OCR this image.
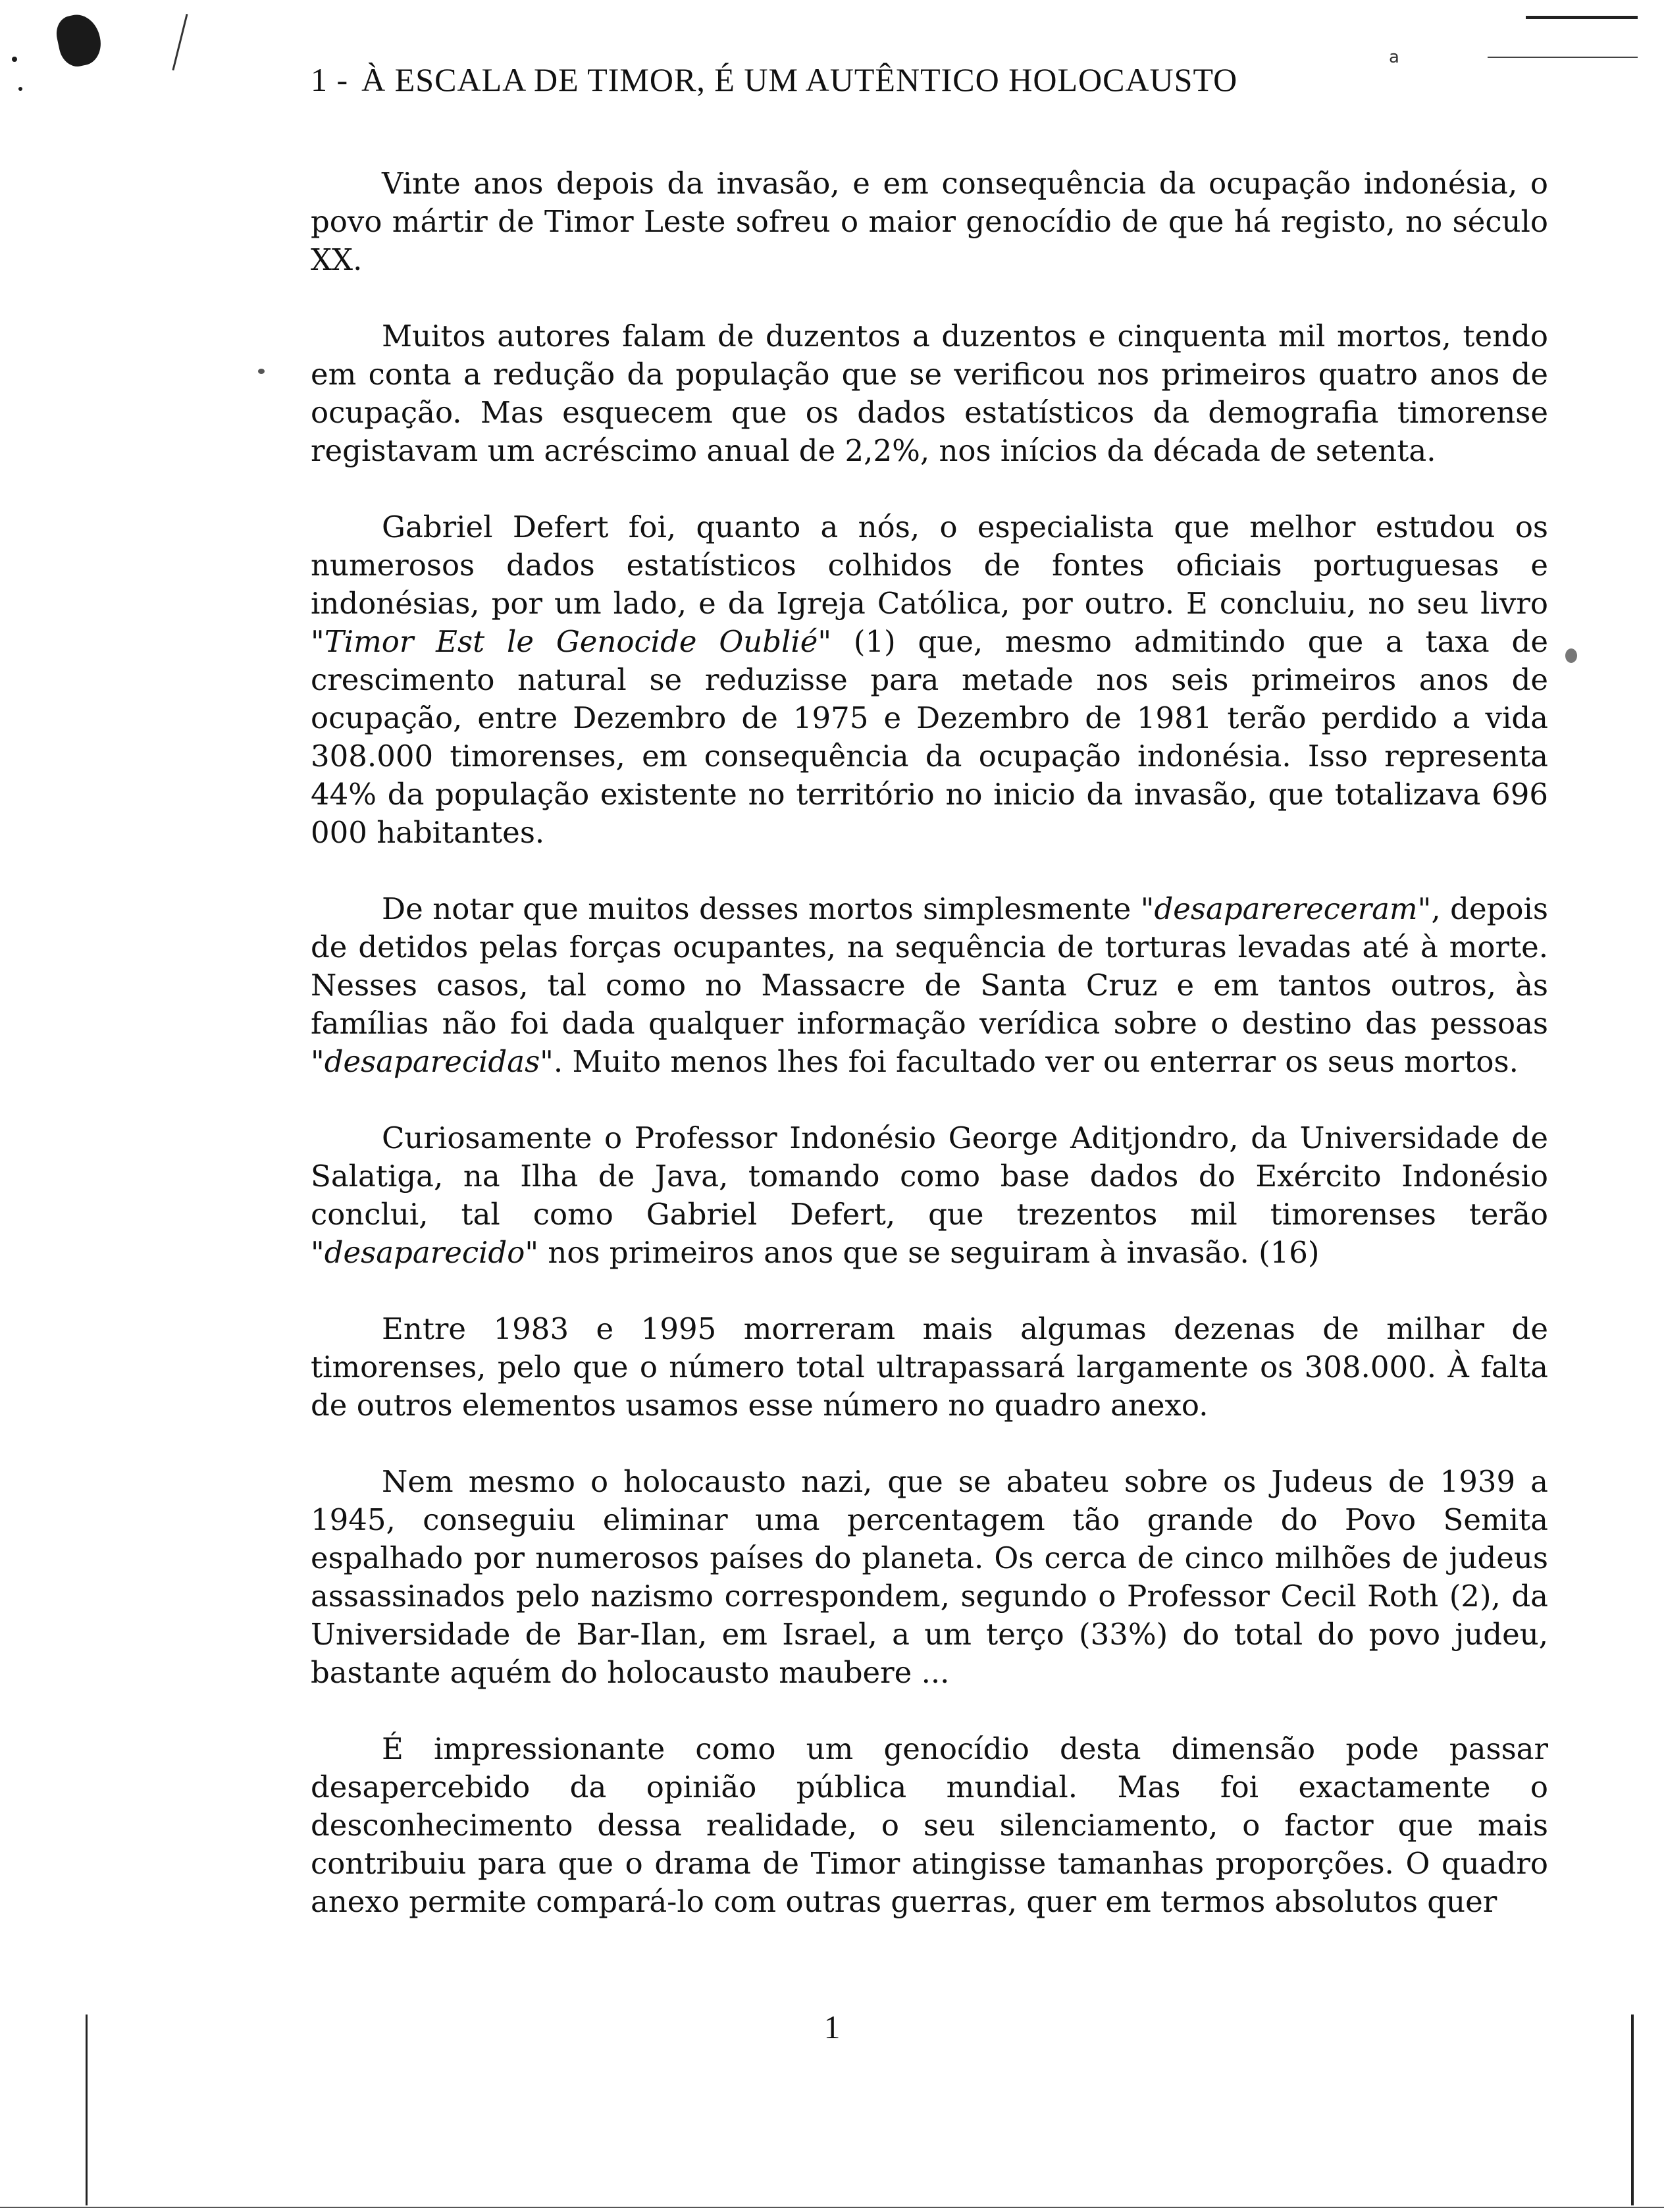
a
1 - À ESCALA DE TIMOR, É UM AUTÊNTICO HOLOCAUSTO

Vinte anos depois da invasão, e em consequência da ocupação indonésia, o povo mártir de Timor Leste sofreu o maior genocídio de que há registo, no século XX.

Muitos autores falam de duzentos a duzentos e cinquenta mil mortos, tendo em conta a redução da população que se verificou nos primeiros quatro anos de ocupação. Mas esquecem que os dados estatísticos da demografia timorense registavam um acréscimo anual de 2,2%, nos inícios da década de setenta.

Gabriel Defert foi, quanto a nós, o especialista que melhor estudou os numerosos dados estatísticos colhidos de fontes oficiais portuguesas e indonésias, por um lado, e da Igreja Católica, por outro. E concluiu, no seu livro "Timor Est le Genocide Oublié" (1) que, mesmo admitindo que a taxa de crescimento natural se reduzisse para metade nos seis primeiros anos de ocupação, entre Dezembro de 1975 e Dezembro de 1981 terão perdido a vida 308.000 timorenses, em consequência da ocupação indonésia. Isso representa 44% da população existente no território no inicio da invasão, que totalizava 696 000 habitantes.

De notar que muitos desses mortos simplesmente "desaparereceram", depois de detidos pelas forças ocupantes, na sequência de torturas levadas até à morte. Nesses casos, tal como no Massacre de Santa Cruz e em tantos outros, às famílias não foi dada qualquer informação verídica sobre o destino das pessoas "desaparecidas". Muito menos lhes foi facultado ver ou enterrar os seus mortos.

Curiosamente o Professor Indonésio George Aditjondro, da Universidade de Salatiga, na Ilha de Java, tomando como base dados do Exército Indonésio conclui, tal como Gabriel Defert, que trezentos mil timorenses terão "desaparecido" nos primeiros anos que se seguiram à invasão. (16)

Entre 1983 e 1995 morreram mais algumas dezenas de milhar de timorenses, pelo que o número total ultrapassará largamente os 308.000. À falta de outros elementos usamos esse número no quadro anexo.

Nem mesmo o holocausto nazi, que se abateu sobre os Judeus de 1939 a 1945, conseguiu eliminar uma percentagem tão grande do Povo Semita espalhado por numerosos países do planeta. Os cerca de cinco milhões de judeus assassinados pelo nazismo correspondem, segundo o Professor Cecil Roth (2), da Universidade de Bar-Ilan, em Israel, a um terço (33%) do total do povo judeu, bastante aquém do holocausto maubere ...

É impressionante como um genocídio desta dimensão pode passar desapercebido da opinião pública mundial. Mas foi exactamente o desconhecimento dessa realidade, o seu silenciamento, o factor que mais contribuiu para que o drama de Timor atingisse tamanhas proporções. O quadro anexo permite compará-lo com outras guerras, quer em termos absolutos quer

1
